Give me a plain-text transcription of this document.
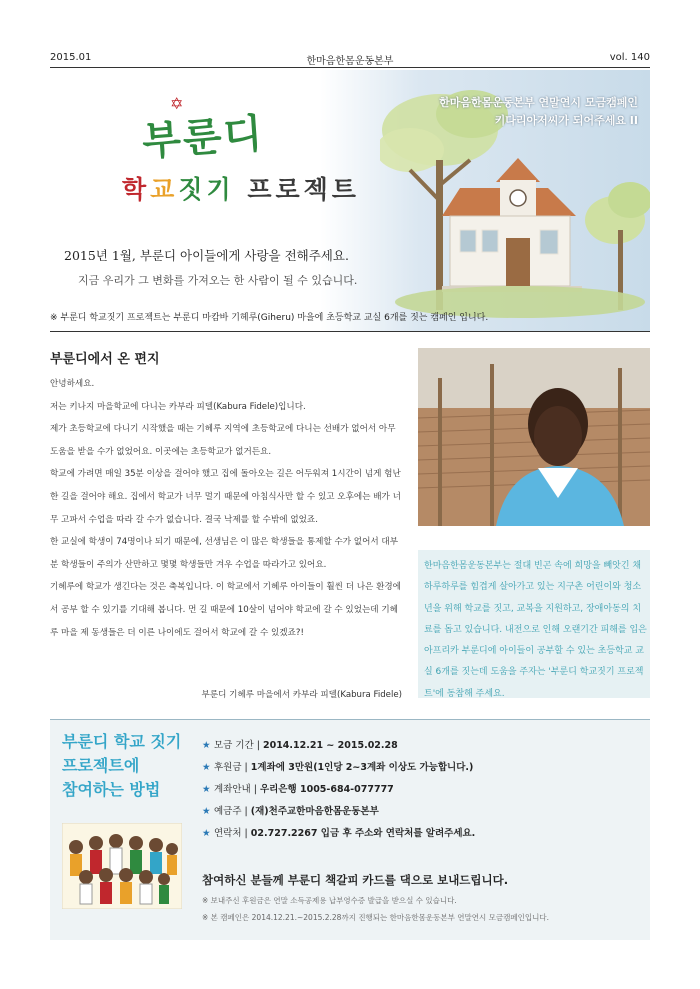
2015.01	한마음한몸운동본부	vol. 140
한마음한몸운동본부 연말연시 모금캠페인
키다리아저씨가 되어주세요 II
✡
부룬디
학교짓기 프로젝트
2015년 1월, 부룬디 아이들에게 사랑을 전해주세요.
지금 우리가 그 변화를 가져오는 한 사람이 될 수 있습니다.
※ 부룬디 학교짓기 프로젝트는 부룬디 마캄바 기헤루(Giheru) 마을에 초등학교 교실 6개를 짓는 캠페인 입니다.
부룬디에서 온 편지

안녕하세요.

저는 키나지 마을학교에 다니는 카부라 피델(Kabura Fidele)입니다.

제가 초등학교에 다니기 시작했을 때는 기헤루 지역에 초등학교에 다니는 선배가 없어서 아무 도움을 받을 수가 없었어요. 이곳에는 초등학교가 없거든요.

학교에 가려면 매일 35분 이상을 걸어야 했고 집에 돌아오는 길은 어두워져 1시간이 넘게 험난한 길을 걸어야 해요. 집에서 학교가 너무 멀기 때문에 아침식사만 할 수 있고 오후에는 배가 너무 고파서 수업을 따라 갈 수가 없습니다. 결국 낙제를 할 수밖에 없었죠.

한 교실에 학생이 74명이나 되기 때문에, 선생님은 이 많은 학생들을 통제할 수가 없어서 대부분 학생들이 주의가 산만하고 몇몇 학생들만 겨우 수업을 따라가고 있어요.

기헤루에 학교가 생긴다는 것은 축복입니다. 이 학교에서 기헤루 아이들이 훨씬 더 나은 환경에서 공부 할 수 있기를 기대해 봅니다. 먼 길 때문에 10살이 넘어야 학교에 갈 수 있었는데 기헤루 마을 제 동생들은 더 이른 나이에도 걸어서 학교에 갈 수 있겠죠?!

부룬디 기헤루 마을에서 카부라 피델(Kabura Fidele)
한마음한몸운동본부는 절대 빈곤 속에 희망을 빼앗긴 채 하루하루를 힘겹게 살아가고 있는 지구촌 어린이와 청소년을 위해 학교를 짓고, 교복을 지원하고, 장애아동의 치료를 돕고 있습니다. 내전으로 인해 오랜기간 피해를 입은 아프리카 부룬디에 아이들이 공부할 수 있는 초등학교 교실 6개를 짓는데 도움을 주자는 '부룬디 학교짓기 프로젝트'에 동참해 주세요.
부룬디 학교 짓기
프로젝트에
참여하는 방법
★ 모금 기간 | 2014.12.21 ~ 2015.02.28
★ 후원금 | 1계좌에 3만원(1인당 2~3계좌 이상도 가능합니다.)
★ 계좌안내 | 우리은행 1005-684-077777
★ 예금주 | (재)천주교한마음한몸운동본부
★ 연락처 | 02.727.2267 입금 후 주소와 연락처를 알려주세요.
참여하신 분들께 부룬디 책갈피 카드를 댁으로 보내드립니다.
※ 보내주신 후원금은 연말 소득공제용 납부영수증 발급을 받으실 수 있습니다.
※ 본 캠페인은 2014.12.21.~2015.2.28까지 진행되는 한마음한몸운동본부 연말연시 모금캠페인입니다.
